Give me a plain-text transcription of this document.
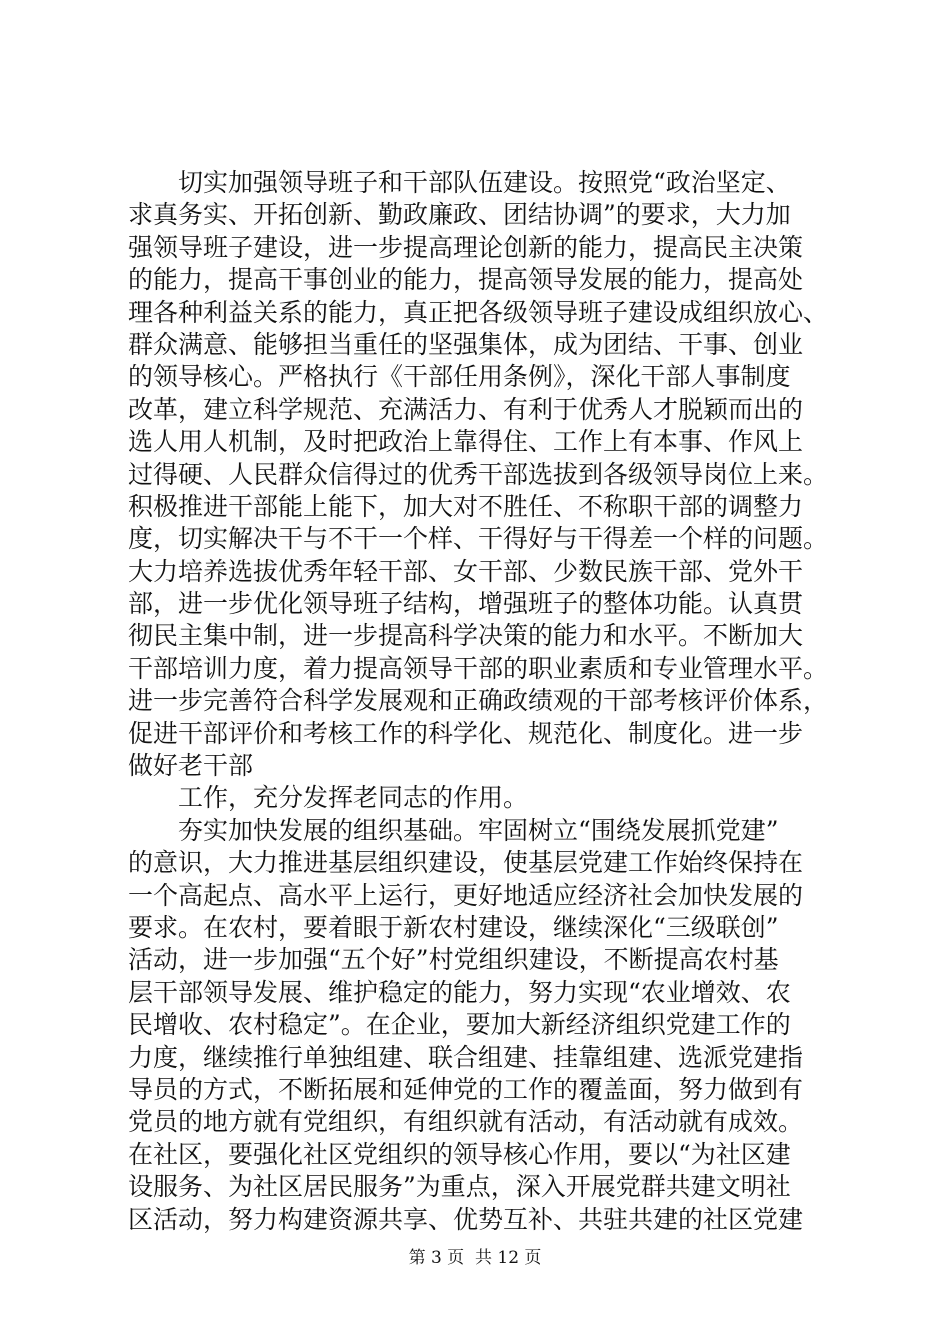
　　切实加强领导班子和干部队伍建设。按照党“政治坚定、
求真务实、开拓创新、勤政廉政、团结协调”的要求，大力加
强领导班子建设，进一步提高理论创新的能力，提高民主决策
的能力，提高干事创业的能力，提高领导发展的能力，提高处
理各种利益关系的能力，真正把各级领导班子建设成组织放心、
群众满意、能够担当重任的坚强集体，成为团结、干事、创业
的领导核心。严格执行《干部任用条例》，深化干部人事制度
改革，建立科学规范、充满活力、有利于优秀人才脱颖而出的
选人用人机制，及时把政治上靠得住、工作上有本事、作风上
过得硬、人民群众信得过的优秀干部选拔到各级领导岗位上来。
积极推进干部能上能下，加大对不胜任、不称职干部的调整力
度，切实解决干与不干一个样、干得好与干得差一个样的问题。
大力培养选拔优秀年轻干部、女干部、少数民族干部、党外干
部，进一步优化领导班子结构，增强班子的整体功能。认真贯
彻民主集中制，进一步提高科学决策的能力和水平。不断加大
干部培训力度，着力提高领导干部的职业素质和专业管理水平。
进一步完善符合科学发展观和正确政绩观的干部考核评价体系，
促进干部评价和考核工作的科学化、规范化、制度化。进一步
做好老干部
　　工作，充分发挥老同志的作用。
　　夯实加快发展的组织基础。牢固树立“围绕发展抓党建”
的意识，大力推进基层组织建设，使基层党建工作始终保持在
一个高起点、高水平上运行，更好地适应经济社会加快发展的
要求。在农村，要着眼于新农村建设，继续深化“三级联创”
活动，进一步加强“五个好”村党组织建设，不断提高农村基
层干部领导发展、维护稳定的能力，努力实现“农业增效、农
民增收、农村稳定”。在企业，要加大新经济组织党建工作的
力度，继续推行单独组建、联合组建、挂靠组建、选派党建指
导员的方式，不断拓展和延伸党的工作的覆盖面，努力做到有
党员的地方就有党组织，有组织就有活动，有活动就有成效。
在社区，要强化社区党组织的领导核心作用，要以“为社区建
设服务、为社区居民服务”为重点，深入开展党群共建文明社
区活动，努力构建资源共享、优势互补、共驻共建的社区党建
第 3 页  共 12 页
